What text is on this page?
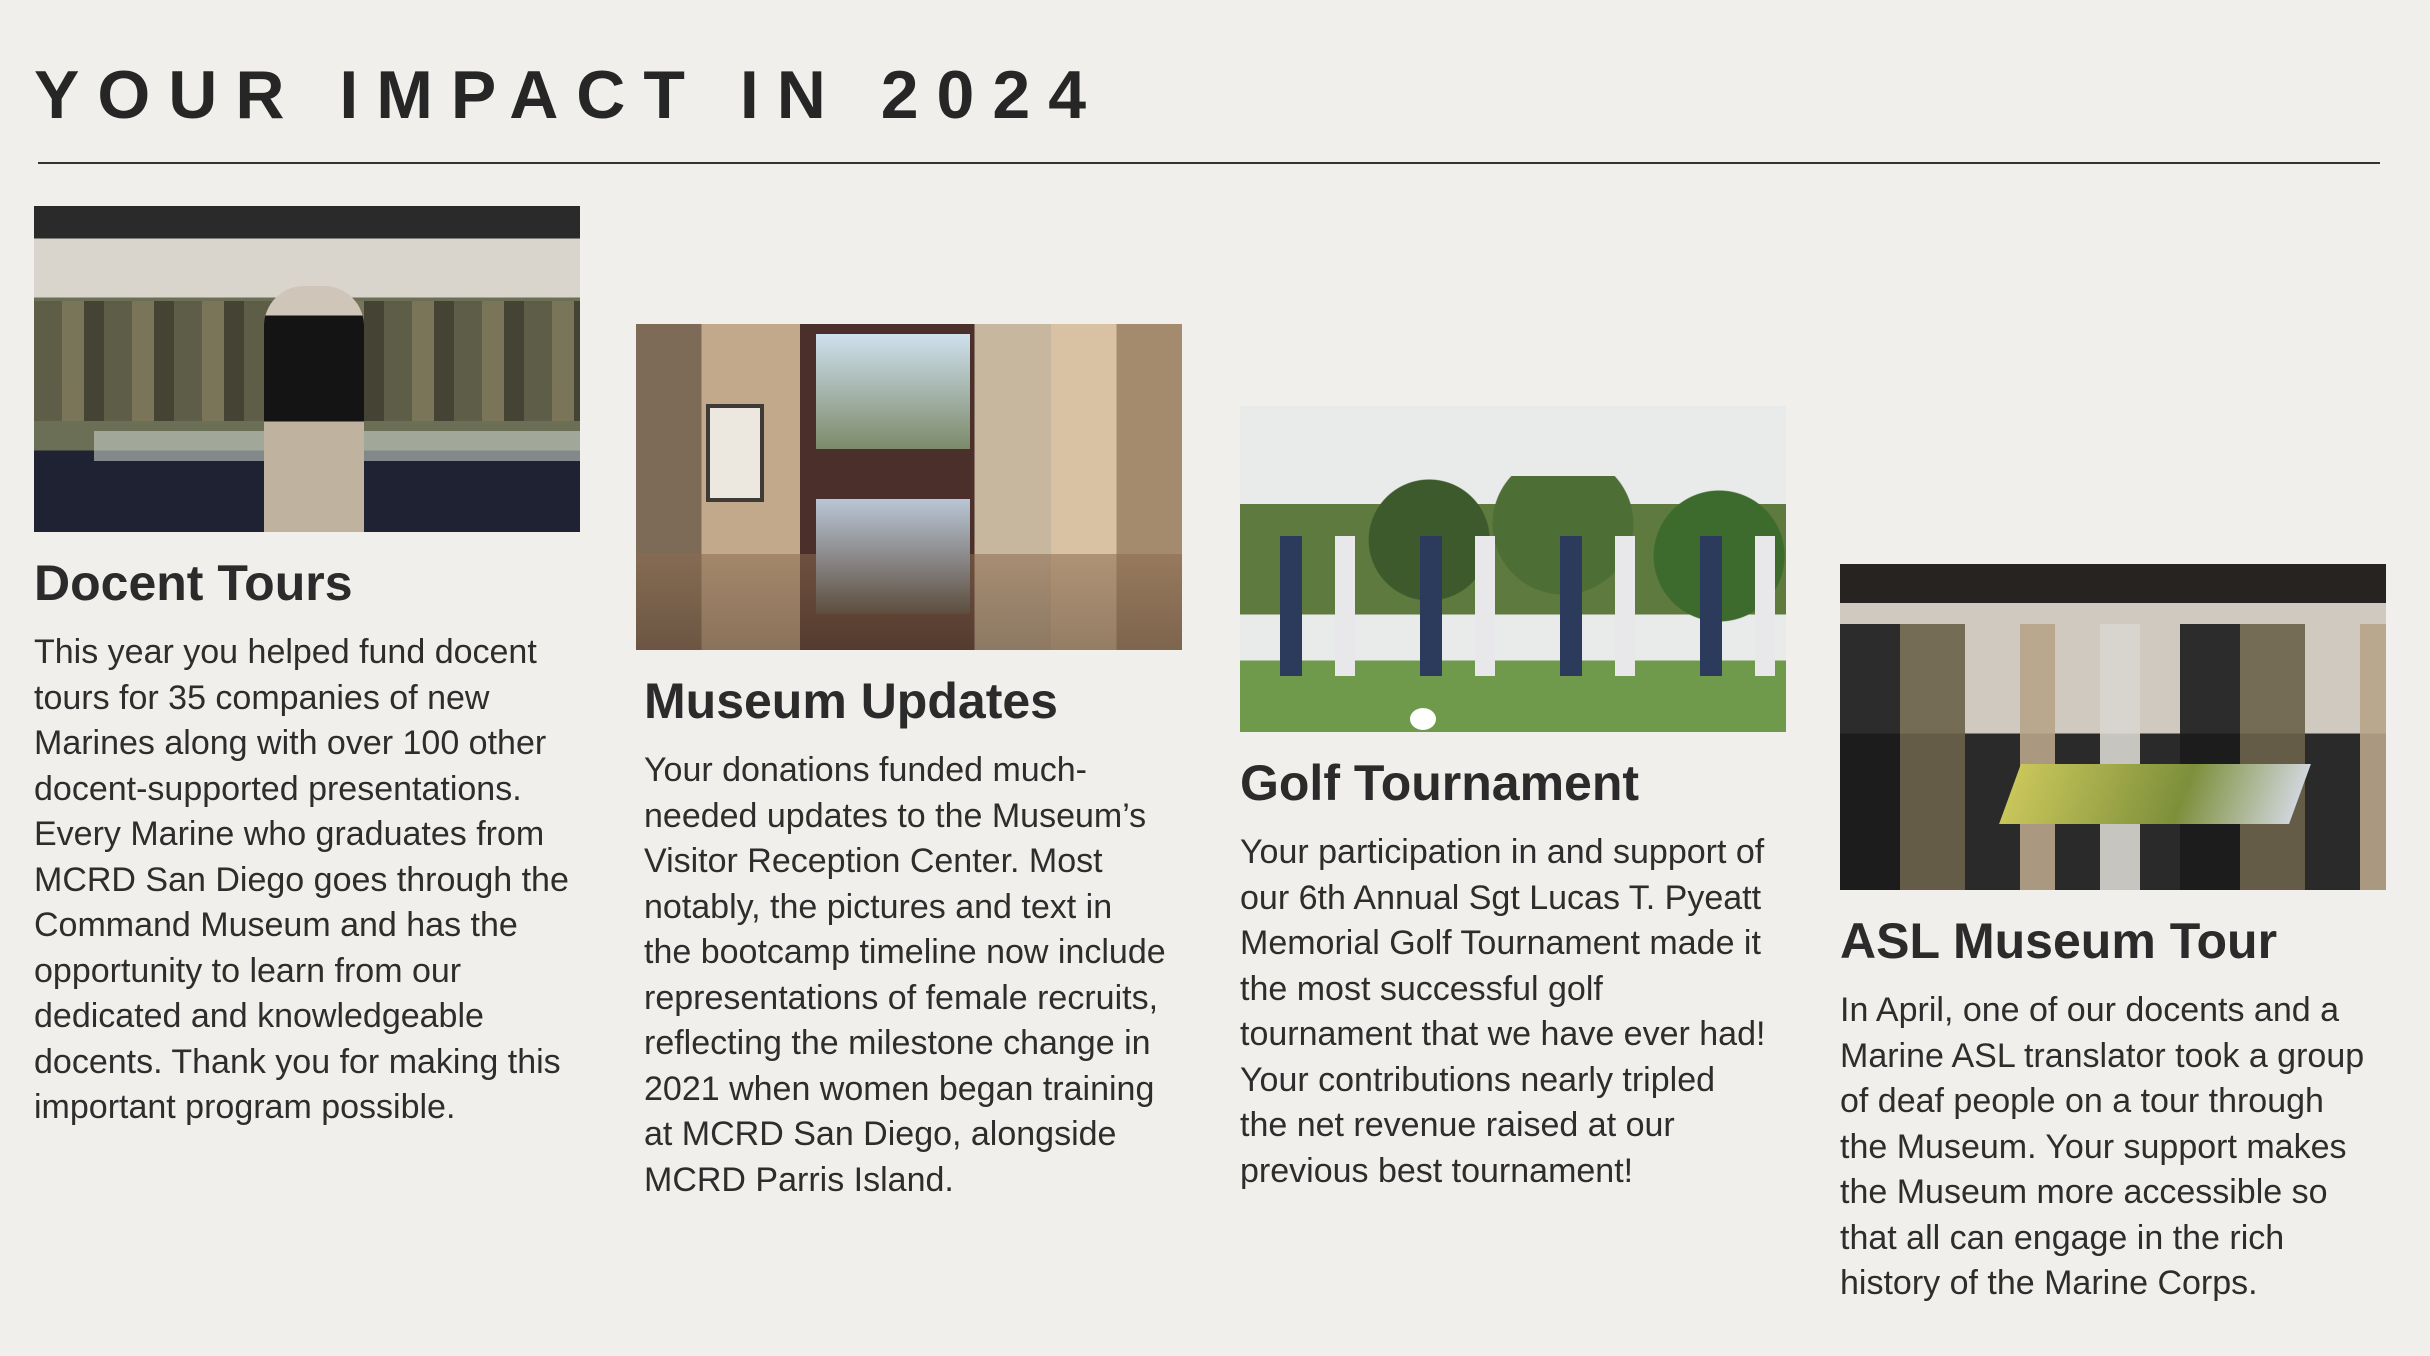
YOUR IMPACT IN 2024
Docent Tours

This year you helped fund docent
tours for 35 companies of new
Marines along with over 100 other
docent-supported presentations.
Every Marine who graduates from
MCRD San Diego goes through the
Command Museum and has the
opportunity to learn from our
dedicated and knowledgeable
docents. Thank you for making this
important program possible.

Museum Updates

Your donations funded much-
needed updates to the Museum’s
Visitor Reception Center. Most
notably, the pictures and text in
the bootcamp timeline now include
representations of female recruits,
reflecting the milestone change in
2021 when women began training
at MCRD San Diego, alongside
MCRD Parris Island.

Golf Tournament

Your participation in and support of
our 6th Annual Sgt Lucas T. Pyeatt
Memorial Golf Tournament made it
the most successful golf
tournament that we have ever had!
Your contributions nearly tripled
the net revenue raised at our
previous best tournament!

ASL Museum Tour

In April, one of our docents and a
Marine ASL translator took a group
of deaf people on a tour through
the Museum. Your support makes
the Museum more accessible so
that all can engage in the rich
history of the Marine Corps.
